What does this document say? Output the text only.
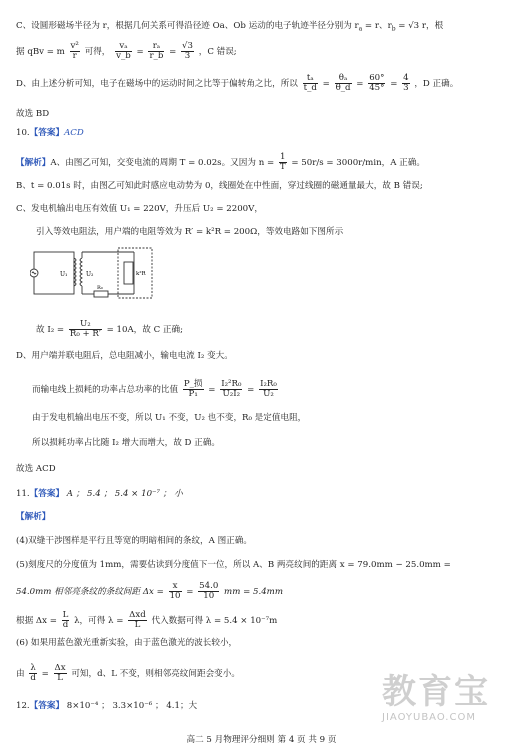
C、设圆形磁场半径为 r，根据几何关系可得沿径迹 Oa、Ob 运动的电子轨迹半径分别为 $r_a = r$、$r_b = √3$ r，根
据 qBv = m $\frac{\text{v²}}{r}$ 可得， $\frac{\text{vₐ}}{v\_b} = \frac{\text{rₐ}}{r\_b} = \frac{√3}{3}$ ，C 错误;
D、由上述分析可知，电子在磁场中的运动时间之比等于偏转角之比，所以 $\frac{\text{tₐ}}{t\_d} = \frac{\text{θₐ}}{\theta\_d} = \frac{60^\circ}{45^\circ} = \frac{4}{3}$ ，D 正确。
故选 BD
10.【答案】ACD
【解析】A、由图乙可知，交变电流的周期 T = 0.02s。又因为 $n = \frac{1}{T} = 50r/s = 3000r/\min$，A 正确。
B、t = 0.01s 时，由图乙可知此时感应电动势为 0，线圈处在中性面，穿过线圈的磁通量最大，故 B 错误;
C、发电机输出电压有效值 U₁ = 220V，升压后 U₂ = 2200V，
引入等效电阻法，用户端的电阻等效为 R′ = k²R = 200Ω，等效电路如下图所示
U₁	U₂
R₀
k²R
故 $I_2 = \frac{\text{U₂}}{\text{R₀ + R′}} = 10A$，故 C 正确;
D、用户端并联电阻后，总电阻减小，输电电流 I₂ 变大。
而输电线上损耗的功率占总功率的比值 $\frac{\text{P\_损}}{\text{P₁}} = \frac{\text{I₂²R₀}}{\text{U₂I₂}} = \frac{\text{I₂R₀}}{\text{U₂}}$
由于发电机输出电压不变，所以 U₁ 不变，U₂ 也不变，R₀ 是定值电阻，
所以损耗功率占比随 I₂ 增大而增大，故 D 正确。
故选 ACD
11.【答案】 A ； 5.4 ； 5.4 × 10⁻⁷ ； 小
【解析】
(4)双缝干涉图样是平行且等宽的明暗相间的条纹，A 图正确。
(5)刻度尺的分度值为 1mm，需要估读到分度值下一位，所以 A、B 两亮纹间的距离 x = 79.0mm − 25.0mm =
54.0mm 相邻亮条纹的条纹间距 $\Delta x = \frac{x}{10} = \frac{54.0}{10}$ mm = 5.4mm
根据 $\Delta x = \frac{L}{d}$ λ，可得 $\lambda = \frac{\text{Δxd}}{L}$ 代入数据可得 λ = 5.4 × 10⁻⁷m
(6) 如果用蓝色激光重新实验，由于蓝色激光的波长较小，
由 $\frac{\lambda}{d} = \frac{\Delta x}{L}$ 可知，d、L 不变，则相邻亮纹间距会变小。
12.【答案】 8×10⁻⁴ ； 3.3×10⁻⁶ ； 4.1；大	教育宝
JIAOYUBAO.COM
高二 5 月物理评分细则 第 4 页 共 9 页
